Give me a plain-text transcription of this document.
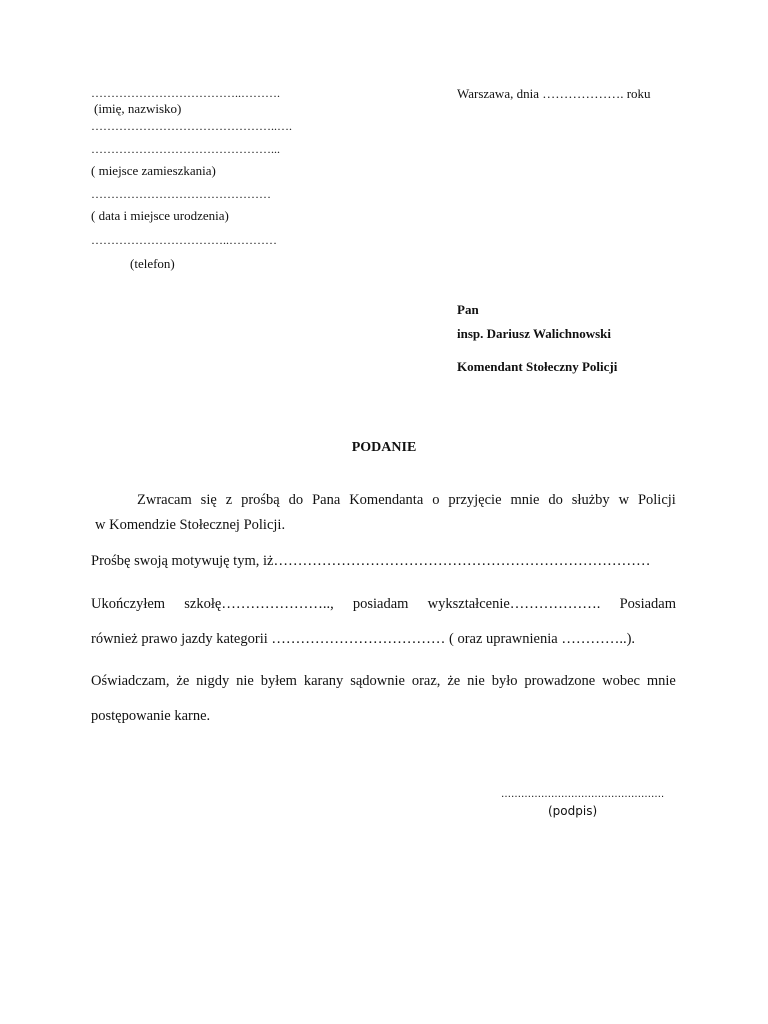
………………………………..……….
(imię, nazwisko)
………………………………………..….
………………………………………...
( miejsce zamieszkania)
………………………………………
( data i miejsce urodzenia)
……………………………..…………
(telefon)
Warszawa, dnia ………………. roku
Pan
insp. Dariusz Walichnowski
Komendant Stołeczny Policji
PODANIE
Zwracam się z prośbą do Pana Komendanta o przyjęcie mnie do służby w Policji
w Komendzie Stołecznej Policji.
Prośbę swoją motywuję tym, iż……………………………………………………………………
Ukończyłem szkołę………………….., posiadam wykształcenie………………. Posiadam
również prawo jazdy kategorii ……………………………… ( oraz uprawnienia …………..).
Oświadczam, że nigdy nie byłem karany sądownie oraz, że nie było prowadzone wobec mnie
postępowanie karne.
………………………………………….
(podpis)
